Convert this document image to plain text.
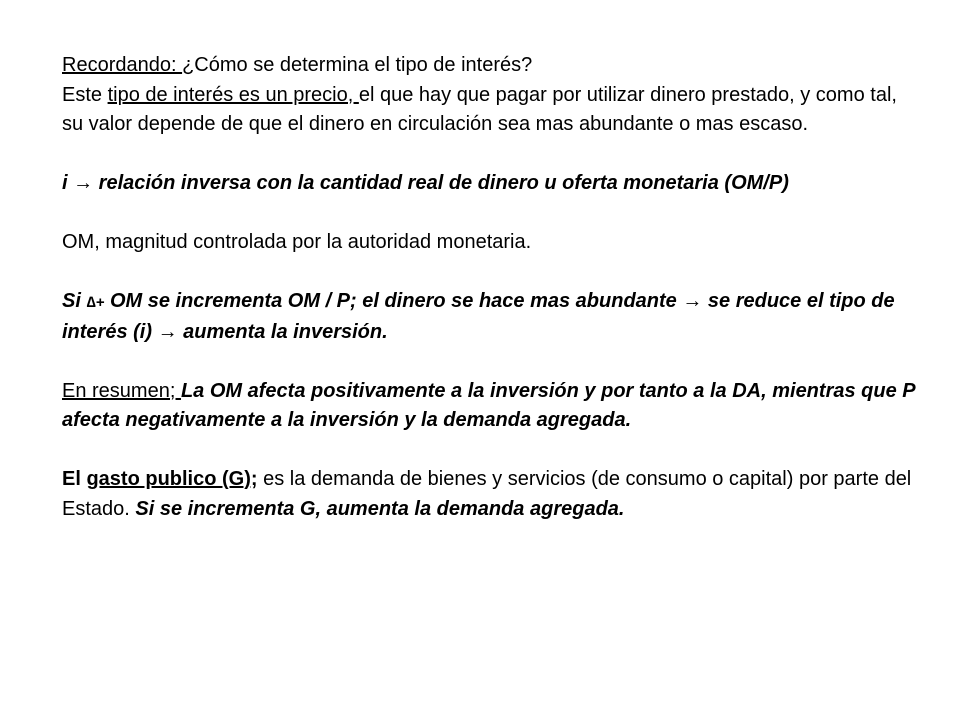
Recordando: ¿Cómo se determina el tipo de interés?
Este tipo de interés es un precio, el que hay que pagar por utilizar dinero prestado, y como tal, su valor depende de que el dinero en circulación sea mas abundante o mas escaso.

i → relación inversa con la cantidad real de dinero u oferta monetaria (OM/P)

OM, magnitud controlada por la autoridad monetaria.

Si ∆+ OM se incrementa OM / P; el dinero se hace mas abundante → se reduce el tipo de interés (i) → aumenta la inversión.

En resumen; La OM afecta positivamente a la inversión y por tanto a la DA, mientras que P afecta negativamente a la inversión y la demanda agregada.

El gasto publico (G); es la demanda de bienes y servicios (de consumo o capital) por parte del Estado. Si se incrementa G, aumenta la demanda agregada.
